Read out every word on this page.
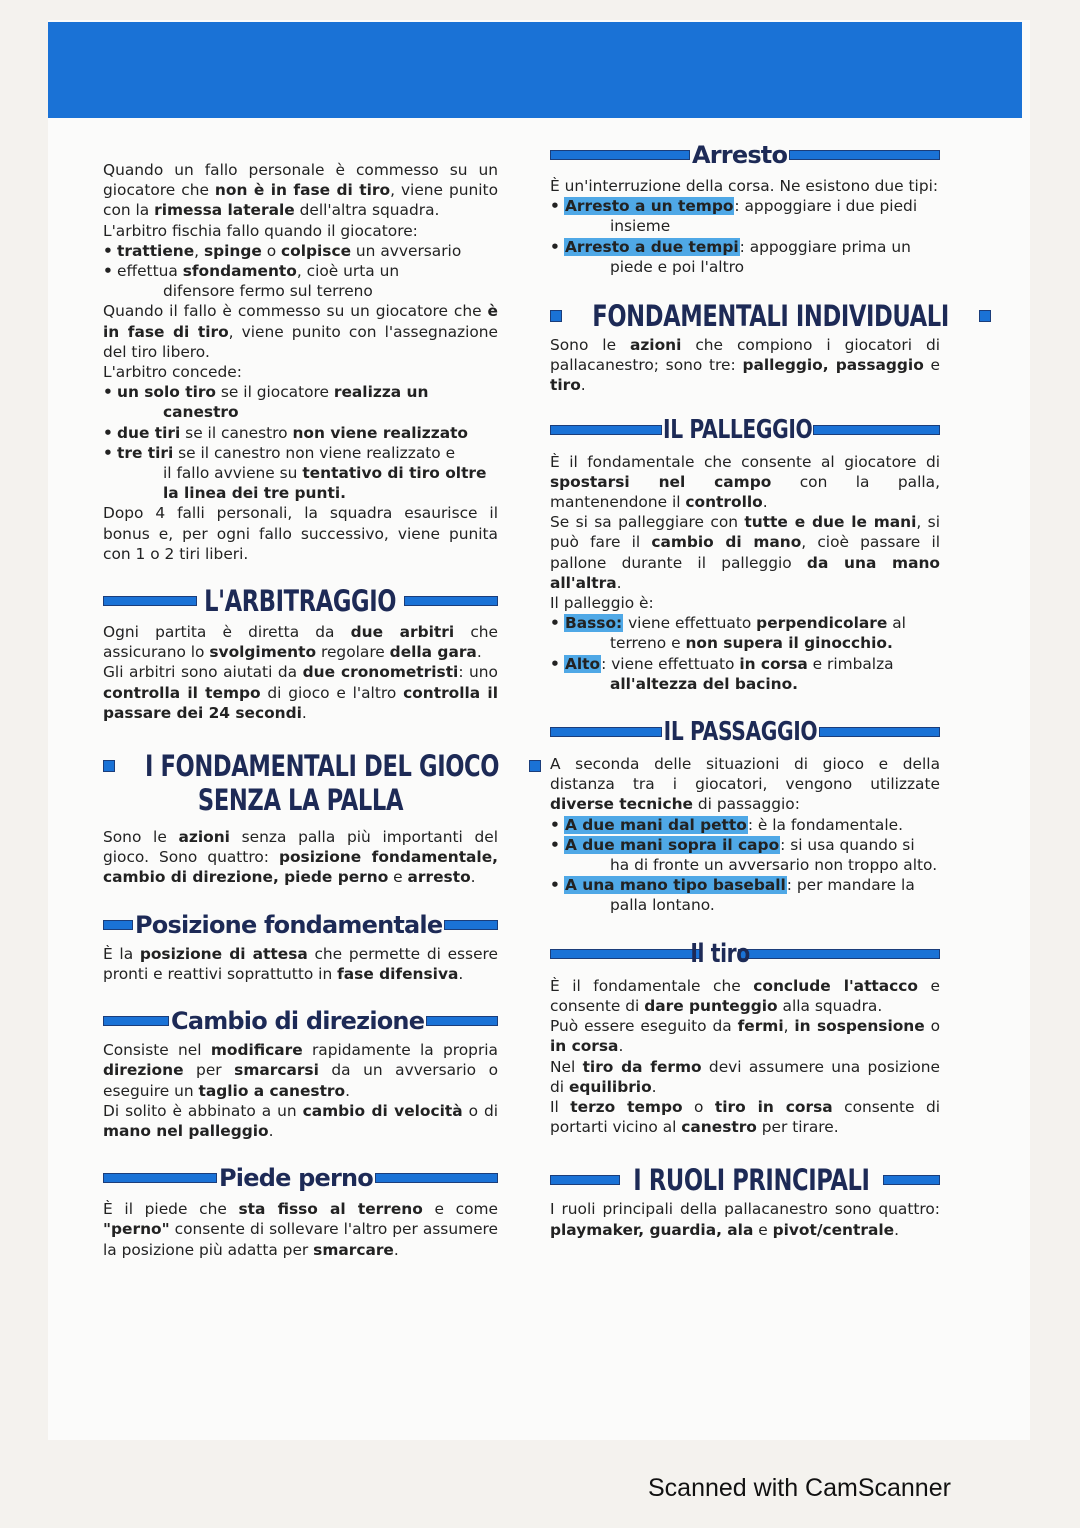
Quando un fallo personale è commesso su un giocatore che non è in fase di tiro, viene punito con la rimessa laterale dell'altra squadra.

L'arbitro fischia fallo quando il giocatore:

• trattiene, spinge o colpisce un avversario
• effettua sfondamento, cioè urta un
difensore fermo sul terreno

Quando il fallo è commesso su un giocatore che è in fase di tiro, viene punito con l'assegnazione del tiro libero.

L'arbitro concede:

• un solo tiro se il giocatore realizza un
canestro
• due tiri se il canestro non viene realizzato
• tre tiri se il canestro non viene realizzato e
il fallo avviene su tentativo di tiro oltre
la linea dei tre punti.

Dopo 4 falli personali, la squadra esaurisce il bonus e, per ogni fallo successivo, viene punita con 1 o 2 tiri liberi.

L'ARBITRAGGIO

Ogni partita è diretta da due arbitri che assicurano lo svolgimento regolare della gara.

Gli arbitri sono aiutati da due cronometristi: uno controlla il tempo di gioco e l'altro controlla il passare dei 24 secondi.

I FONDAMENTALI DEL GIOCO
SENZA LA PALLA

Sono le azioni senza palla più importanti del gioco. Sono quattro: posizione fondamentale, cambio di direzione, piede perno e arresto.

Posizione fondamentale

È la posizione di attesa che permette di essere pronti e reattivi soprattutto in fase difensiva.

Cambio di direzione

Consiste nel modificare rapidamente la propria direzione per smarcarsi da un avversario o eseguire un taglio a canestro.

Di solito è abbinato a un cambio di velocità o di mano nel palleggio.

Piede perno

È il piede che sta fisso al terreno e come "perno" consente di sollevare l'altro per assumere la posizione più adatta per smarcare.

Arresto

È un'interruzione della corsa. Ne esistono due tipi:

• Arresto a un tempo: appoggiare i due piedi
insieme
• Arresto a due tempi: appoggiare prima un
piede e poi l'altro
FONDAMENTALI INDIVIDUALI

Sono le azioni che compiono i giocatori di pallacanestro; sono tre: palleggio, passaggio e tiro.

IL PALLEGGIO

È il fondamentale che consente al giocatore di spostarsi nel campo con la palla, mantenendone il controllo.

Se si sa palleggiare con tutte e due le mani, si può fare il cambio di mano, cioè passare il pallone durante il palleggio da una mano all'altra.

Il palleggio è:

• Basso: viene effettuato perpendicolare al
terreno e non supera il ginocchio.
• Alto: viene effettuato in corsa e rimbalza
all'altezza del bacino.
IL PASSAGGIO

A seconda delle situazioni di gioco e della distanza tra i giocatori, vengono utilizzate diverse tecniche di passaggio:

• A due mani dal petto: è la fondamentale.
• A due mani sopra il capo: si usa quando si
ha di fronte un avversario non troppo alto.
• A una mano tipo baseball: per mandare la
palla lontano.
Il tiro

È il fondamentale che conclude l'attacco e consente di dare punteggio alla squadra.

Può essere eseguito da fermi, in sospensione o in corsa.

Nel tiro da fermo devi assumere una posizione di equilibrio.

Il terzo tempo o tiro in corsa consente di portarti vicino al canestro per tirare.

I RUOLI PRINCIPALI

I ruoli principali della pallacanestro sono quattro: playmaker, guardia, ala e pivot/centrale.

Scanned with CamScanner
